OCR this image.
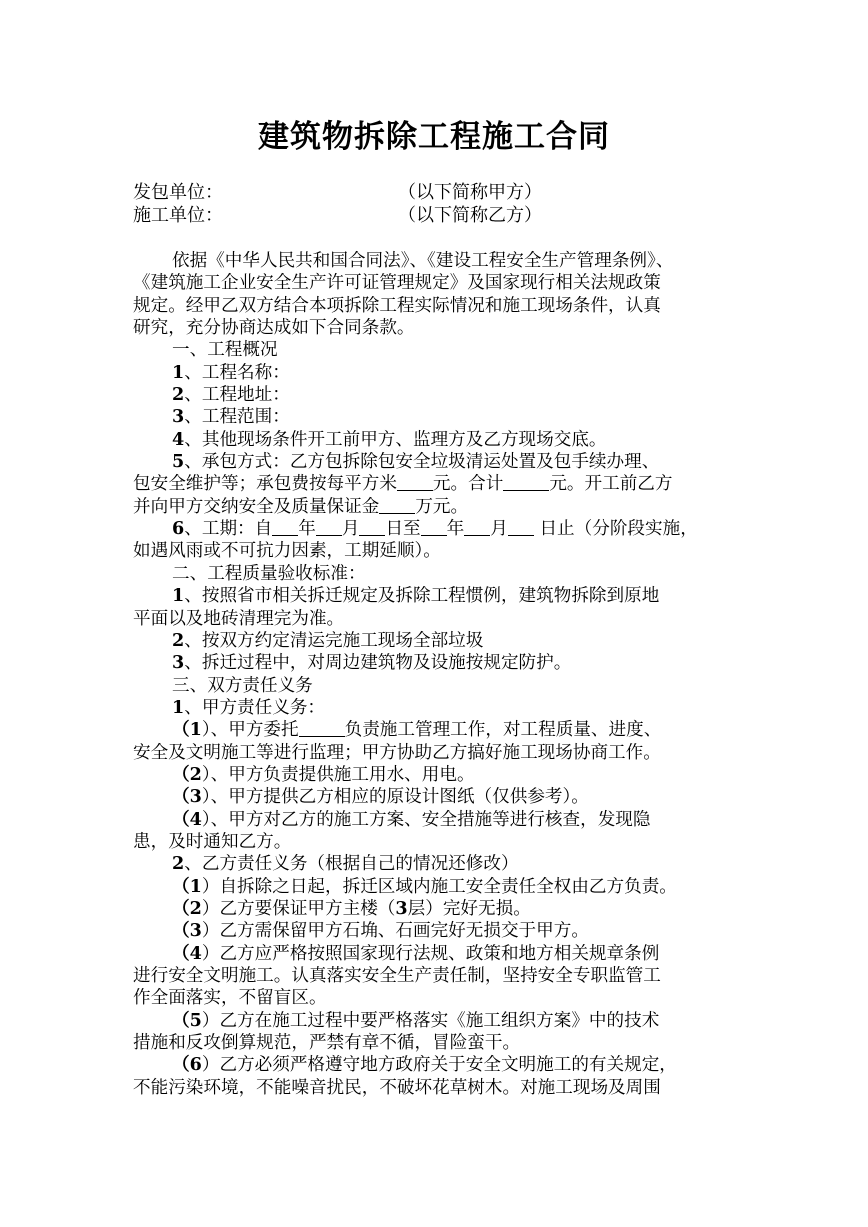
建筑物拆除工程施工合同
发包单位：	（以下简称甲方）
施工单位：	（以下简称乙方）
依据《中华人民共和国合同法》、《建设工程安全生产管理条例》、
《建筑施工企业安全生产许可证管理规定》及国家现行相关法规政策
规定。经甲乙双方结合本项拆除工程实际情况和施工现场条件，认真
研究，充分协商达成如下合同条款。
一、工程概况
1、工程名称：
2、工程地址：
3、工程范围：
4、其他现场条件开工前甲方、监理方及乙方现场交底。
5、承包方式：乙方包拆除包安全垃圾清运处置及包手续办理、
包安全维护等；承包费按每平方米 元。合计	元。开工前乙方
并向甲方交纳安全及质量保证金 万元。
6、工期：自 年 月 日至 年 月 日止（分阶段实施，
如遇风雨或不可抗力因素，工期延顺）。
二、工程质量验收标准：
1、按照省市相关拆迁规定及拆除工程惯例，建筑物拆除到原地
平面以及地砖清理完为准。
2、按双方约定清运完施工现场全部垃圾
3、拆迁过程中，对周边建筑物及设施按规定防护。
三、双方责任义务
1、甲方责任义务：
（1）、甲方委托	负责施工管理工作，对工程质量、进度、
安全及文明施工等进行监理；甲方协助乙方搞好施工现场协商工作。
（2）、甲方负责提供施工用水、用电。
（3）、甲方提供乙方相应的原设计图纸（仅供参考）。
（4）、甲方对乙方的施工方案、安全措施等进行核查，发现隐
患，及时通知乙方。
2、乙方责任义务（根据自己的情况还修改）
（1）自拆除之日起，拆迁区域内施工安全责任全权由乙方负责。
（2）乙方要保证甲方主楼（3层）完好无损。
（3）乙方需保留甲方石埆、石画完好无损交于甲方。
（4）乙方应严格按照国家现行法规、政策和地方相关规章条例
进行安全文明施工。认真落实安全生产责任制，坚持安全专职监管工
作全面落实，不留盲区。
（5）乙方在施工过程中要严格落实《施工组织方案》中的技术
措施和反攻倒算规范，严禁有章不循，冒险蛮干。
（6）乙方必须严格遵守地方政府关于安全文明施工的有关规定，
不能污染环境，不能噪音扰民，不破坏花草树木。对施工现场及周围
